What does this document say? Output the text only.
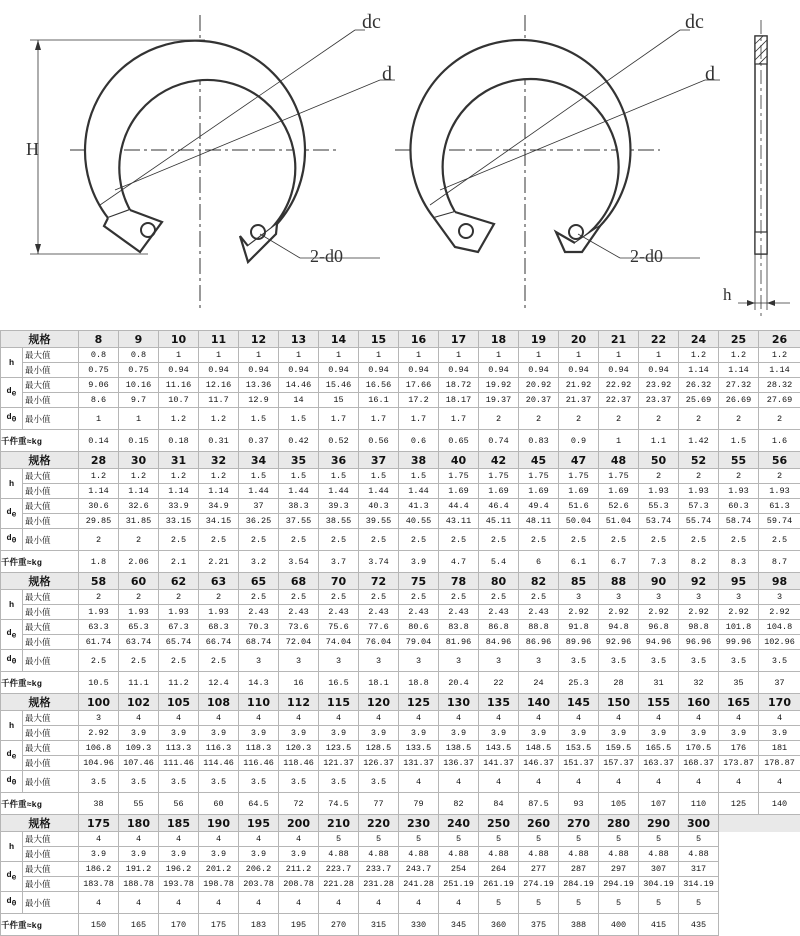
H
dc
d
2-d0
dc
d
2-d0
h
规格		8	9	10	11	12	13	14	15	16	17	18	19	20	21	22	24	25	26
h	最大值	0.8	0.8	1	1	1	1	1	1	1	1	1	1	1	1	1	1.2	1.2	1.2
	最小值	0.75	0.75	0.94	0.94	0.94	0.94	0.94	0.94	0.94	0.94	0.94	0.94	0.94	0.94	0.94	1.14	1.14	1.14
$d_e$	最大值	9.06	10.16	11.16	12.16	13.36	14.46	15.46	16.56	17.66	18.72	19.92	20.92	21.92	22.92	23.92	26.32	27.32	28.32
	最小值	8.6	9.7	10.7	11.7	12.9	14	15	16.1	17.2	18.17	19.37	20.37	21.37	22.37	23.37	25.69	26.69	27.69
$d_0$	最小值	1	1	1.2	1.2	1.5	1.5	1.7	1.7	1.7	1.7	2	2	2	2	2	2	2	2
千件重≈kg		0.14	0.15	0.18	0.31	0.37	0.42	0.52	0.56	0.6	0.65	0.74	0.83	0.9	1	1.1	1.42	1.5	1.6
规格		28	30	31	32	34	35	36	37	38	40	42	45	47	48	50	52	55	56
h	最大值	1.2	1.2	1.2	1.2	1.5	1.5	1.5	1.5	1.5	1.75	1.75	1.75	1.75	1.75	2	2	2	2
	最小值	1.14	1.14	1.14	1.14	1.44	1.44	1.44	1.44	1.44	1.69	1.69	1.69	1.69	1.69	1.93	1.93	1.93	1.93
$d_e$	最大值	30.6	32.6	33.9	34.9	37	38.3	39.3	40.3	41.3	44.4	46.4	49.4	51.6	52.6	55.3	57.3	60.3	61.3
	最小值	29.85	31.85	33.15	34.15	36.25	37.55	38.55	39.55	40.55	43.11	45.11	48.11	50.04	51.04	53.74	55.74	58.74	59.74
$d_0$	最小值	2	2	2.5	2.5	2.5	2.5	2.5	2.5	2.5	2.5	2.5	2.5	2.5	2.5	2.5	2.5	2.5	2.5
千件重≈kg		1.8	2.06	2.1	2.21	3.2	3.54	3.7	3.74	3.9	4.7	5.4	6	6.1	6.7	7.3	8.2	8.3	8.7
规格		58	60	62	63	65	68	70	72	75	78	80	82	85	88	90	92	95	98
h	最大值	2	2	2	2	2.5	2.5	2.5	2.5	2.5	2.5	2.5	2.5	3	3	3	3	3	3
	最小值	1.93	1.93	1.93	1.93	2.43	2.43	2.43	2.43	2.43	2.43	2.43	2.43	2.92	2.92	2.92	2.92	2.92	2.92
$d_e$	最大值	63.3	65.3	67.3	68.3	70.3	73.6	75.6	77.6	80.6	83.8	86.8	88.8	91.8	94.8	96.8	98.8	101.8	104.8
	最小值	61.74	63.74	65.74	66.74	68.74	72.04	74.04	76.04	79.04	81.96	84.96	86.96	89.96	92.96	94.96	96.96	99.96	102.96
$d_0$	最小值	2.5	2.5	2.5	2.5	3	3	3	3	3	3	3	3	3.5	3.5	3.5	3.5	3.5	3.5
千件重≈kg		10.5	11.1	11.2	12.4	14.3	16	16.5	18.1	18.8	20.4	22	24	25.3	28	31	32	35	37
规格		100	102	105	108	110	112	115	120	125	130	135	140	145	150	155	160	165	170
h	最大值	3	4	4	4	4	4	4	4	4	4	4	4	4	4	4	4	4	4
	最小值	2.92	3.9	3.9	3.9	3.9	3.9	3.9	3.9	3.9	3.9	3.9	3.9	3.9	3.9	3.9	3.9	3.9	3.9
$d_e$	最大值	106.8	109.3	113.3	116.3	118.3	120.3	123.5	128.5	133.5	138.5	143.5	148.5	153.5	159.5	165.5	170.5	176	181
	最小值	104.96	107.46	111.46	114.46	116.46	118.46	121.37	126.37	131.37	136.37	141.37	146.37	151.37	157.37	163.37	168.37	173.87	178.87
$d_0$	最小值	3.5	3.5	3.5	3.5	3.5	3.5	3.5	3.5	4	4	4	4	4	4	4	4	4	4
千件重≈kg		38	55	56	60	64.5	72	74.5	77	79	82	84	87.5	93	105	107	110	125	140
规格		175	180	185	190	195	200	210	220	230	240	250	260	270	280	290	300		
h	最大值	4	4	4	4	4	4	5	5	5	5	5	5	5	5	5	5		
	最小值	3.9	3.9	3.9	3.9	3.9	3.9	4.88	4.88	4.88	4.88	4.88	4.88	4.88	4.88	4.88	4.88		
$d_e$	最大值	186.2	191.2	196.2	201.2	206.2	211.2	223.7	233.7	243.7	254	264	277	287	297	307	317		
	最小值	183.78	188.78	193.78	198.78	203.78	208.78	221.28	231.28	241.28	251.19	261.19	274.19	284.19	294.19	304.19	314.19		
$d_0$	最小值	4	4	4	4	4	4	4	4	4	4	5	5	5	5	5	5		
千件重≈kg		150	165	170	175	183	195	270	315	330	345	360	375	388	400	415	435		
